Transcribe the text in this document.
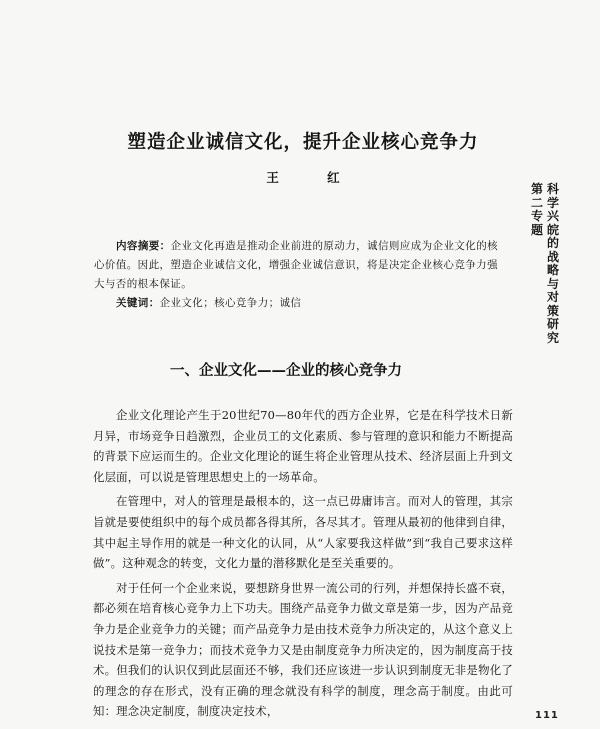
塑造企业诚信文化，提升企业核心竞争力
王 红

内容摘要：企业文化再造是推动企业前进的原动力，诚信则应成为企业文化的核心价值。因此，塑造企业诚信文化，增强企业诚信意识，将是决定企业核心竞争力强大与否的根本保证。

关键词：企业文化；核心竞争力；诚信

一、企业文化——企业的核心竞争力

企业文化理论产生于20世纪70—80年代的西方企业界，它是在科学技术日新月异，市场竞争日趋激烈，企业员工的文化素质、参与管理的意识和能力不断提高的背景下应运而生的。企业文化理论的诞生将企业管理从技术、经济层面上升到文化层面，可以说是管理思想史上的一场革命。

在管理中，对人的管理是最根本的，这一点已毋庸讳言。而对人的管理，其宗旨就是要使组织中的每个成员都各得其所，各尽其才。管理从最初的他律到自律，其中起主导作用的就是一种文化的认同，从“人家要我这样做”到“我自己要求这样做”。这种观念的转变，文化力量的潜移默化是至关重要的。

对于任何一个企业来说，要想跻身世界一流公司的行列，并想保持长盛不衰，都必须在培育核心竞争力上下功夫。围绕产品竞争力做文章是第一步，因为产品竞争力是企业竞争力的关键；而产品竞争力是由技术竞争力所决定的，从这个意义上说技术是第一竞争力；而技术竞争力又是由制度竞争力所决定的，因为制度高于技术。但我们的认识仅到此层面还不够，我们还应该进一步认识到制度无非是物化了的理念的存在形式，没有正确的理念就没有科学的制度，理念高于制度。由此可知：理念决定制度，制度决定技术，

第二专题
科学兴皖的战略与对策研究
111
